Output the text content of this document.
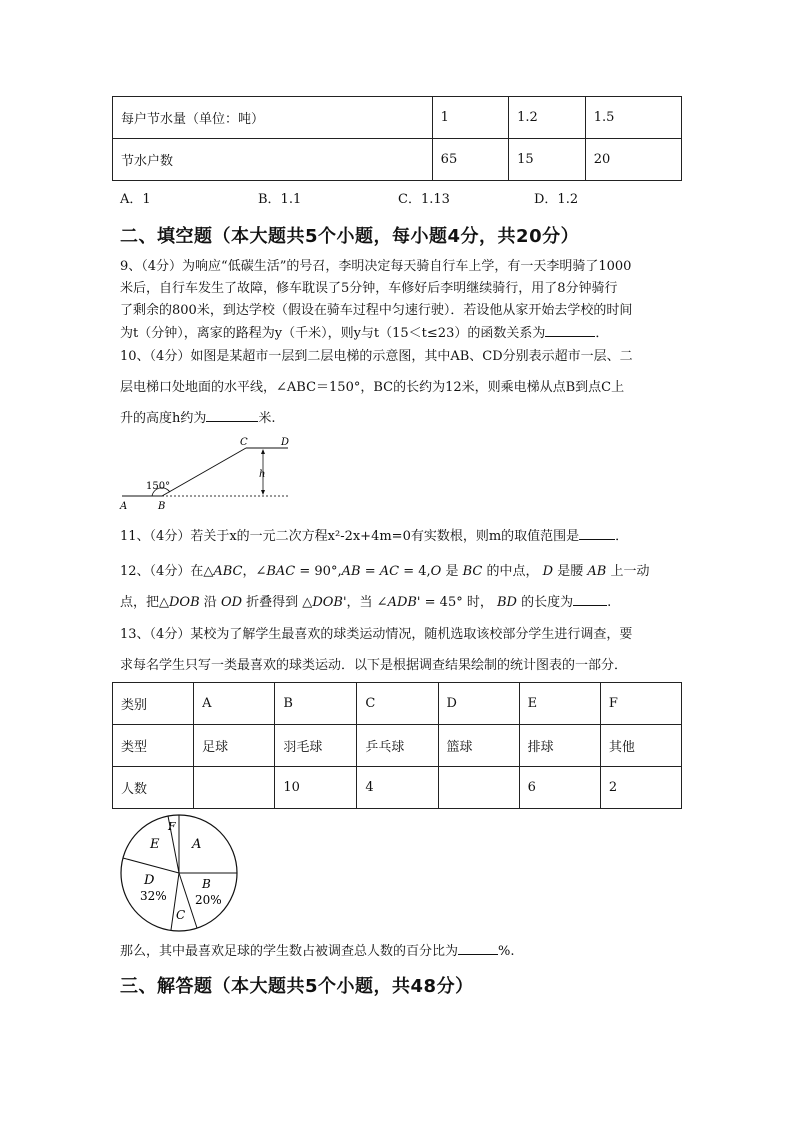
每户节水量（单位：吨）	1	1.2	1.5
节水户数	65	15	20
A．1	B．1.1	C．1.13	D．1.2
二、填空题（本大题共5个小题，每小题4分，共20分）

9、（4分）为响应“低碳生活”的号召，李明决定每天骑自行车上学，有一天李明骑了1000

米后，自行车发生了故障，修车耽误了5分钟，车修好后李明继续骑行，用了8分钟骑行

了剩余的800米，到达学校（假设在骑车过程中匀速行驶）．若设他从家开始去学校的时间

为t（分钟），离家的路程为y（千米），则y与t（15＜t≤23）的函数关系为	．

10、（4分）如图是某超市一层到二层电梯的示意图，其中AB、CD分别表示超市一层、二

层电梯口处地面的水平线，∠ABC＝150°，BC的长约为12米，则乘电梯从点B到点C上

升的高度h约为	米.

150°
A	B
C	D
h

11、（4分）若关于x的一元二次方程x²-2x+4m=0有实数根，则m的取值范围是	．

12、（4分）在△ABC，∠BAC = 90°,AB = AC = 4,O 是 BC 的中点， D 是腰 AB 上一动

点，把△DOB 沿 OD 折叠得到 △DOB'，当 ∠ADB' = 45° 时， BD 的长度为	.

13、（4分）某校为了解学生最喜欢的球类运动情况，随机选取该校部分学生进行调查，要

求每名学生只写一类最喜欢的球类运动．以下是根据调查结果绘制的统计图表的一部分．

类别	A	B	C	D	E	F
类型	足球	羽毛球	乒乓球	篮球	排球	其他
人数		10	4		6	2
A
B
20%
C
D
32%
E
F

那么，其中最喜欢足球的学生数占被调查总人数的百分比为	%.

三、解答题（本大题共5个小题，共48分）
